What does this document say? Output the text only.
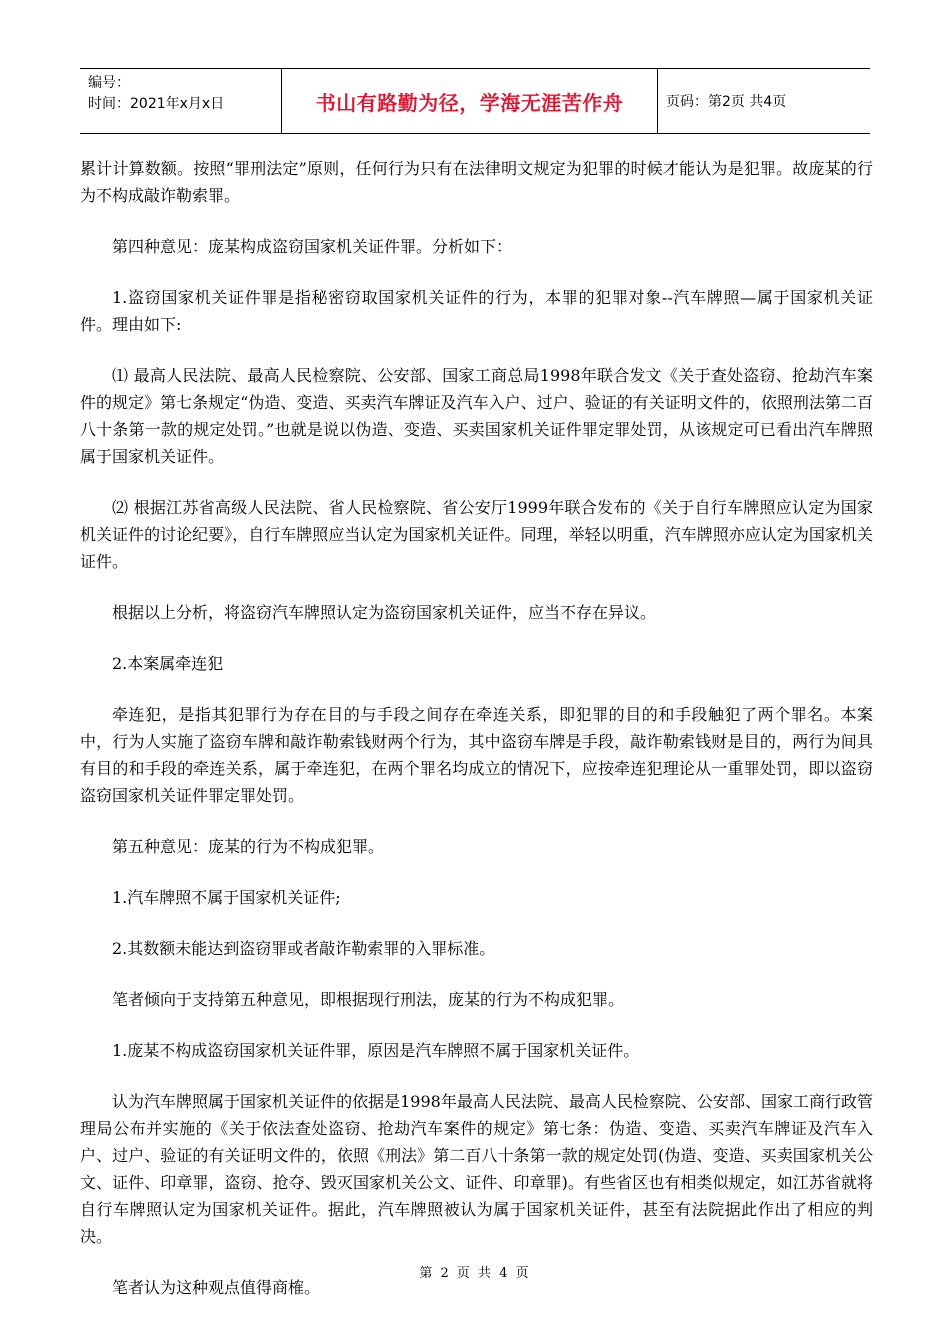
编号：
时间：2021年x月x日	书山有路勤为径，学海无涯苦作舟	页码：第2页 共4页

累计计算数额。按照“罪刑法定”原则，任何行为只有在法律明文规定为犯罪的时候才能认为是犯罪。故庞某的行为不构成敲诈勒索罪。

第四种意见：庞某构成盗窃国家机关证件罪。分析如下：

1.盗窃国家机关证件罪是指秘密窃取国家机关证件的行为，本罪的犯罪对象--汽车牌照—属于国家机关证件。理由如下:

⑴ 最高人民法院、最高人民检察院、公安部、国家工商总局1998年联合发文《关于查处盗窃、抢劫汽车案件的规定》第七条规定“伪造、变造、买卖汽车牌证及汽车入户、过户、验证的有关证明文件的，依照刑法第二百八十条第一款的规定处罚。”也就是说以伪造、变造、买卖国家机关证件罪定罪处罚，从该规定可已看出汽车牌照属于国家机关证件。

⑵ 根据江苏省高级人民法院、省人民检察院、省公安厅1999年联合发布的《关于自行车牌照应认定为国家机关证件的讨论纪要》，自行车牌照应当认定为国家机关证件。同理，举轻以明重，汽车牌照亦应认定为国家机关证件。

根据以上分析，将盗窃汽车牌照认定为盗窃国家机关证件，应当不存在异议。

2.本案属牵连犯

牵连犯，是指其犯罪行为存在目的与手段之间存在牵连关系，即犯罪的目的和手段触犯了两个罪名。本案中，行为人实施了盗窃车牌和敲诈勒索钱财两个行为，其中盗窃车牌是手段，敲诈勒索钱财是目的，两行为间具有目的和手段的牵连关系，属于牵连犯，在两个罪名均成立的情况下，应按牵连犯理论从一重罪处罚，即以盗窃盗窃国家机关证件罪定罪处罚。

第五种意见：庞某的行为不构成犯罪。

1.汽车牌照不属于国家机关证件;

2.其数额未能达到盗窃罪或者敲诈勒索罪的入罪标准。

笔者倾向于支持第五种意见，即根据现行刑法，庞某的行为不构成犯罪。

1.庞某不构成盗窃国家机关证件罪，原因是汽车牌照不属于国家机关证件。

认为汽车牌照属于国家机关证件的依据是1998年最高人民法院、最高人民检察院、公安部、国家工商行政管理局公布并实施的《关于依法查处盗窃、抢劫汽车案件的规定》第七条：伪造、变造、买卖汽车牌证及汽车入户、过户、验证的有关证明文件的，依照《刑法》第二百八十条第一款的规定处罚(伪造、变造、买卖国家机关公文、证件、印章罪，盗窃、抢夺、毁灭国家机关公文、证件、印章罪)。有些省区也有相类似规定，如江苏省就将自行车牌照认定为国家机关证件。据此，汽车牌照被认为属于国家机关证件，甚至有法院据此作出了相应的判决。

笔者认为这种观点值得商榷。

第 2 页 共 4 页
